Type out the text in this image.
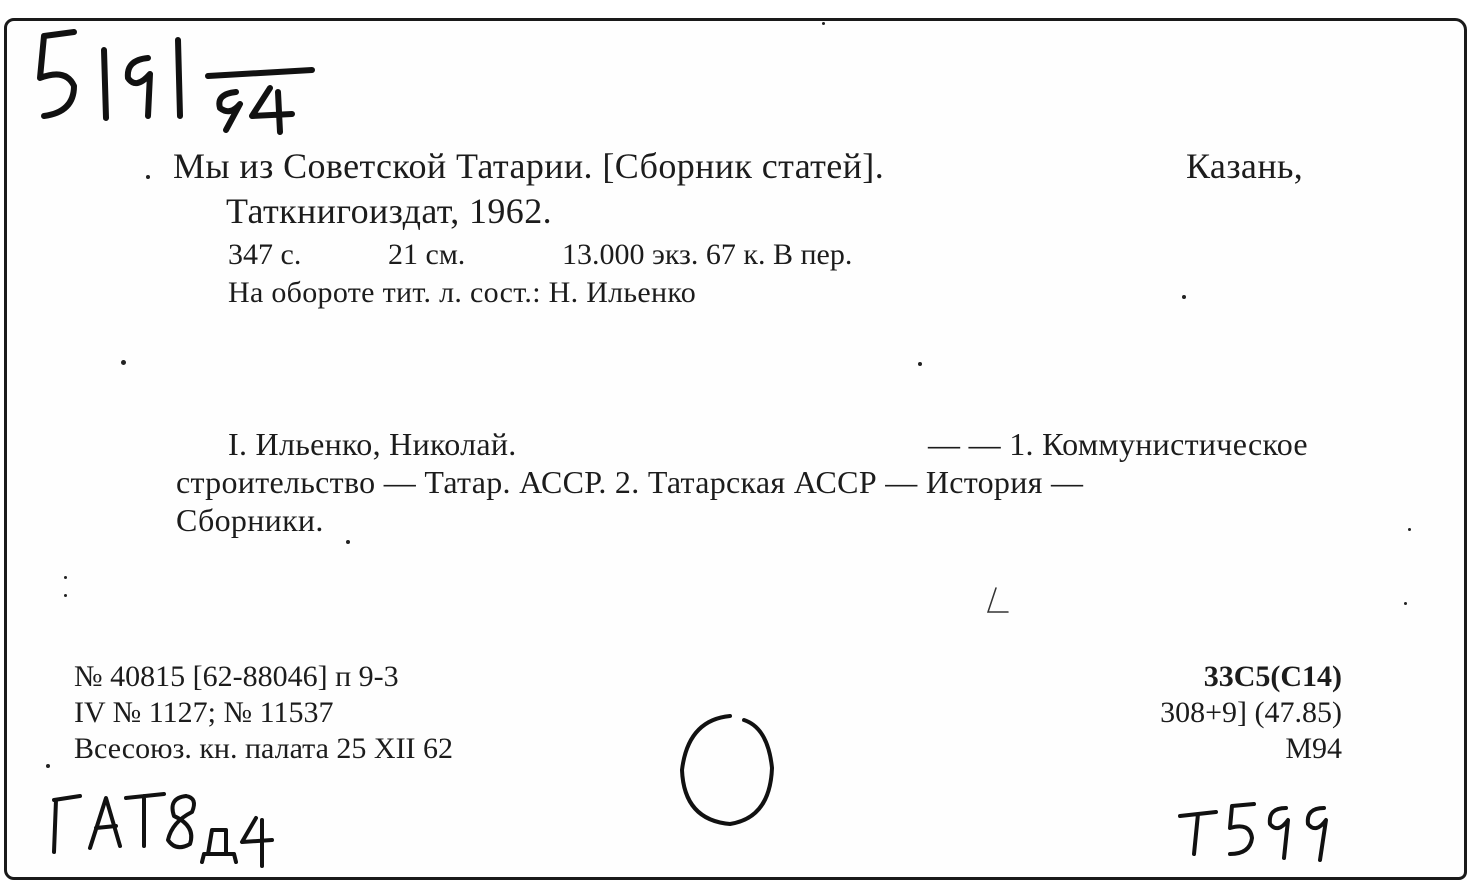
Мы из Советской Татарии. [Сборник статей].	Казань,
Таткнигоиздат, 1962.
347 с.	21 см.	13.000 экз. 67 к. В пер.
На обороте тит. л. сост.: Н. Ильенко
I. Ильенко, Николай.	— — 1. Коммунистическое
строительство — Татар. АССР. 2. Татарская АССР — История —
Сборники.
№ 40815 [62-88046] п 9-3
IV № 1127; № 11537
Всесоюз. кн. палата 25 XII 62
33С5(С14)
308+9] (47.85)
М94
